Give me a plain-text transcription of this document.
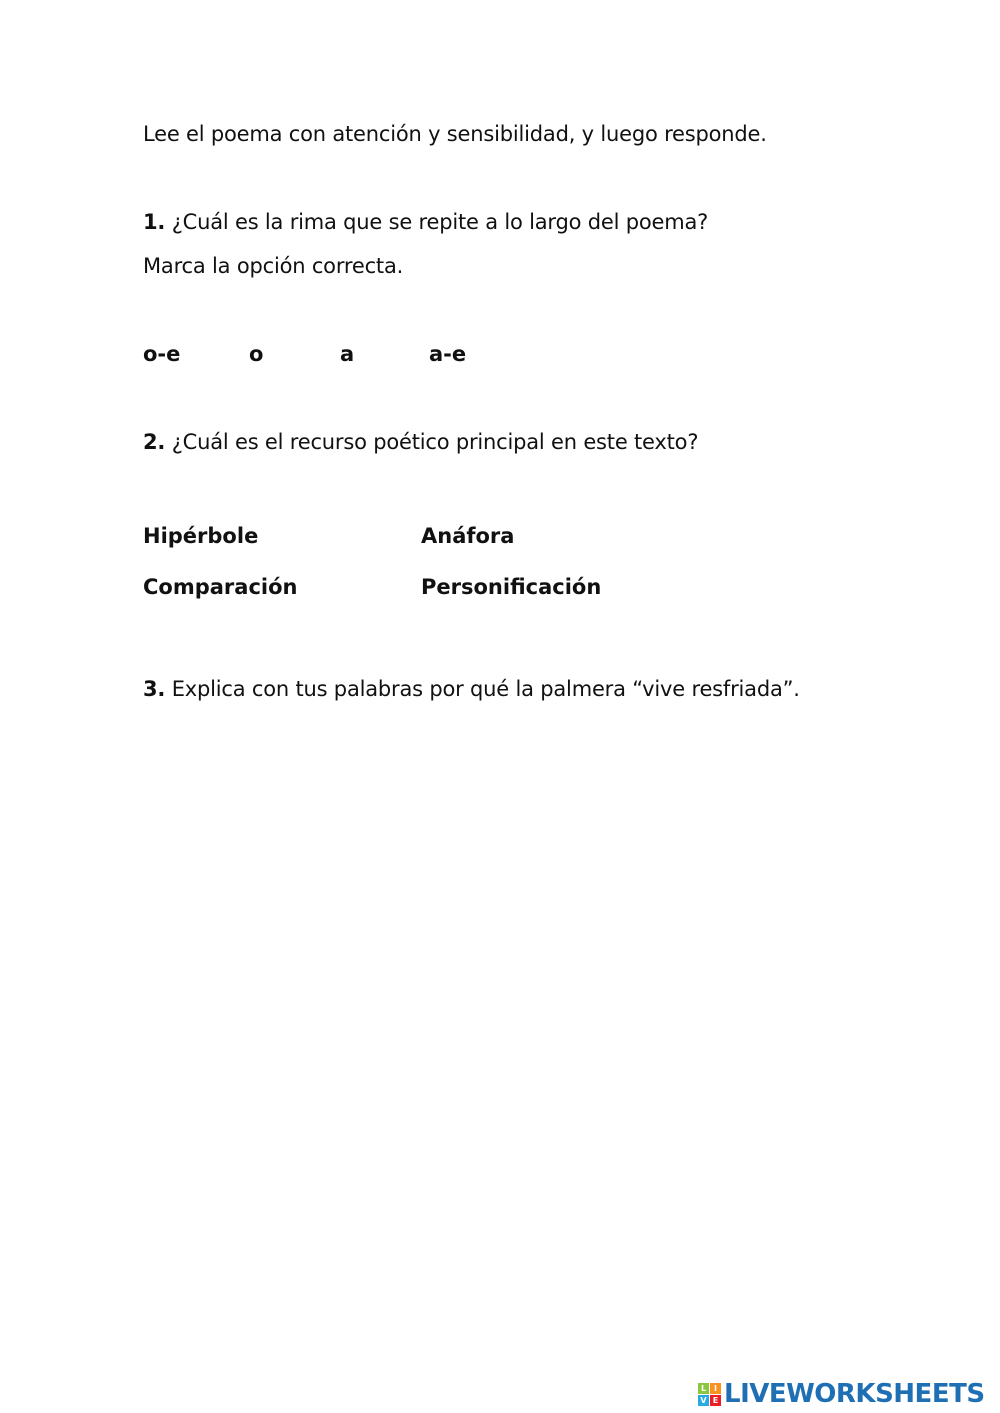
Lee el poema con atención y sensibilidad, y luego responde.
1. ¿Cuál es la rima que se repite a lo largo del poema?
Marca la opción correcta.
o-e	o	a	a-e
2. ¿Cuál es el recurso poético principal en este texto?
Hipérbole	Anáfora
Comparación	Personificación
3. Explica con tus palabras por qué la palmera “vive resfriada”.
L I
V E LIVEWORKSHEETS
